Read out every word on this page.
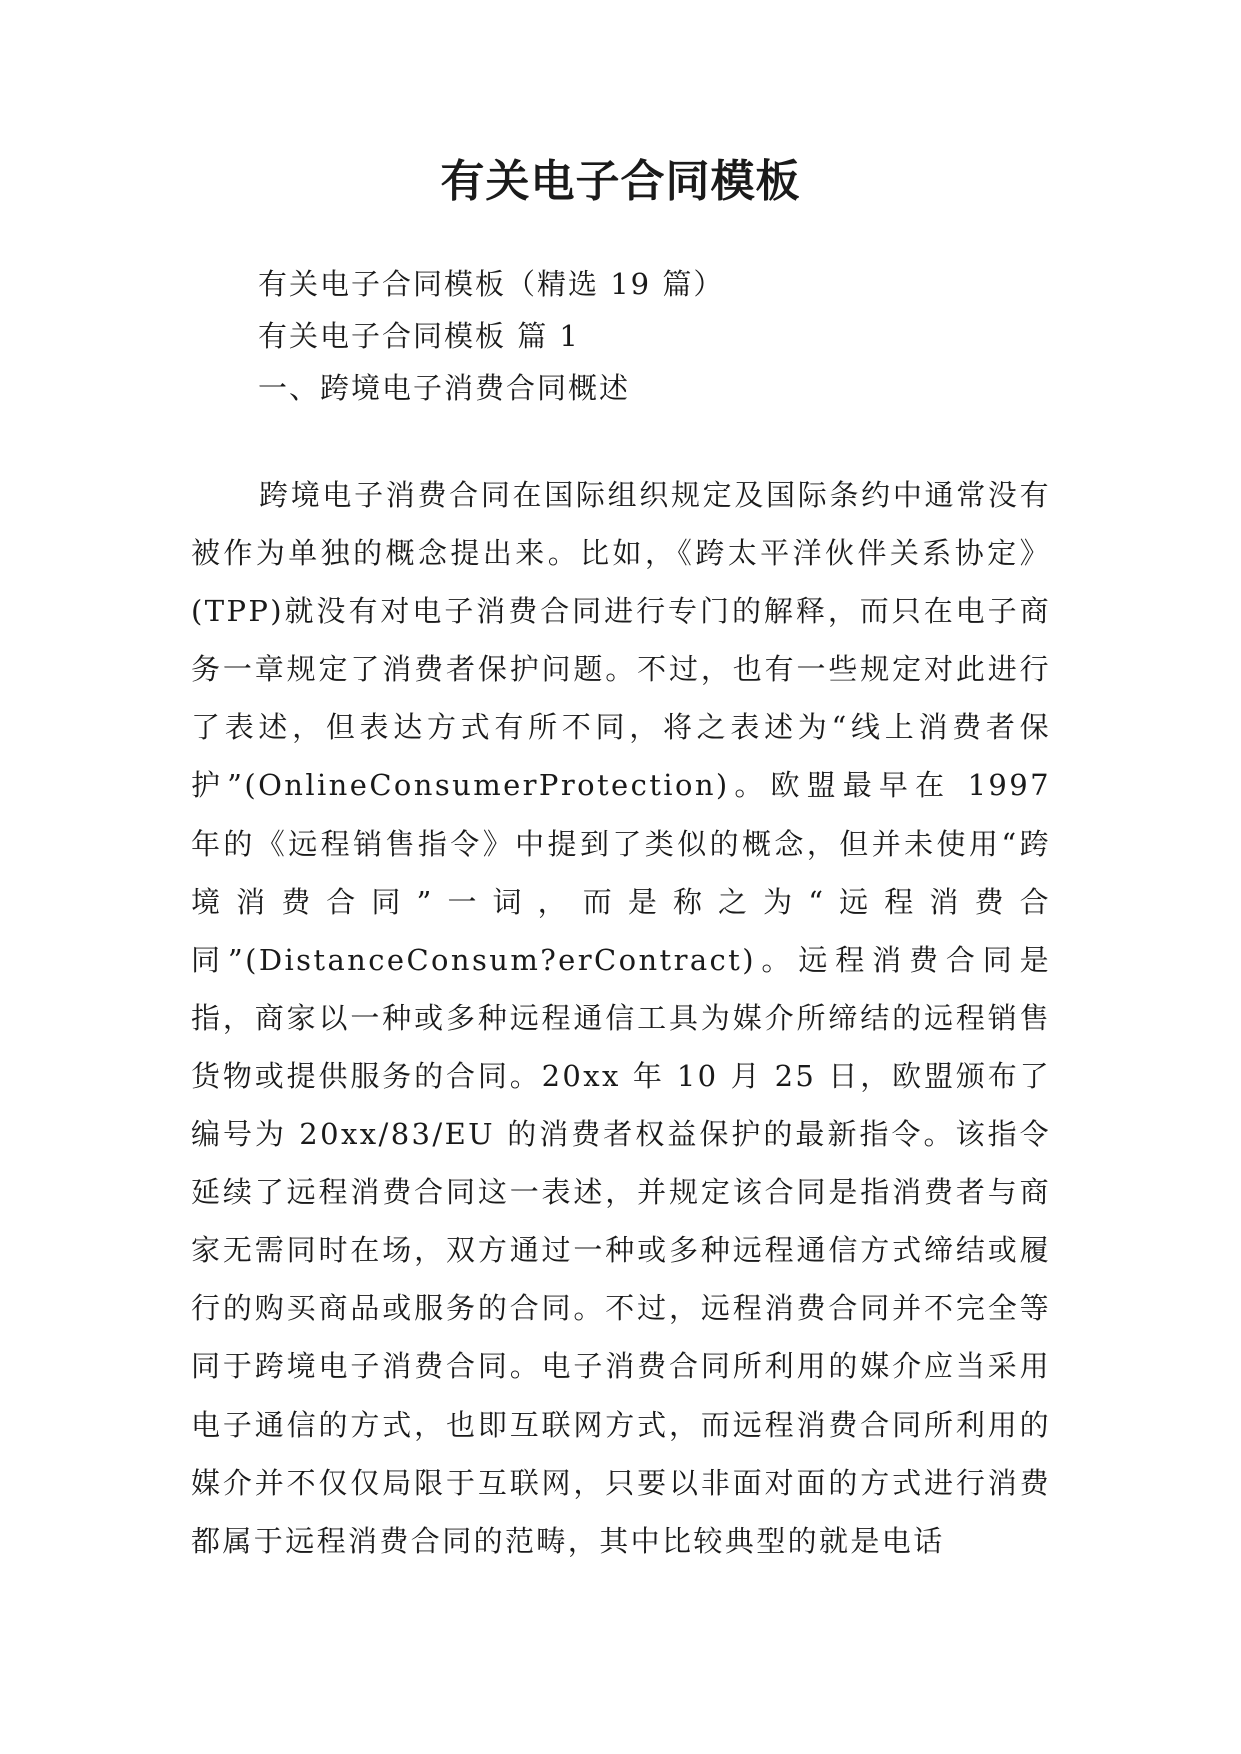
有关电子合同模板

有关电子合同模板（精选 19 篇）

有关电子合同模板 篇 1

一、跨境电子消费合同概述

跨境电子消费合同在国际组织规定及国际条约中通常没有被作为单独的概念提出来。比如，《跨太平洋伙伴关系协定》(TPP)就没有对电子消费合同进行专门的解释，而只在电子商务一章规定了消费者保护问题。不过，也有一些规定对此进行了表述，但表达方式有所不同，将之表述为“线上消费者保护”(OnlineConsumerProtection)。欧盟最早在 1997 年的《远程销售指令》中提到了类似的概念，但并未使用“跨境消费合同”一词，而是称之为“远程消费合同”(DistanceConsum?erContract)。远程消费合同是指，商家以一种或多种远程通信工具为媒介所缔结的远程销售货物或提供服务的合同。20xx 年 10 月 25 日，欧盟颁布了编号为 20xx/83/EU 的消费者权益保护的最新指令。该指令延续了远程消费合同这一表述，并规定该合同是指消费者与商家无需同时在场，双方通过一种或多种远程通信方式缔结或履行的购买商品或服务的合同。不过，远程消费合同并不完全等同于跨境电子消费合同。电子消费合同所利用的媒介应当采用电子通信的方式，也即互联网方式，而远程消费合同所利用的媒介并不仅仅局限于互联网，只要以非面对面的方式进行消费都属于远程消费合同的范畴，其中比较典型的就是电话
